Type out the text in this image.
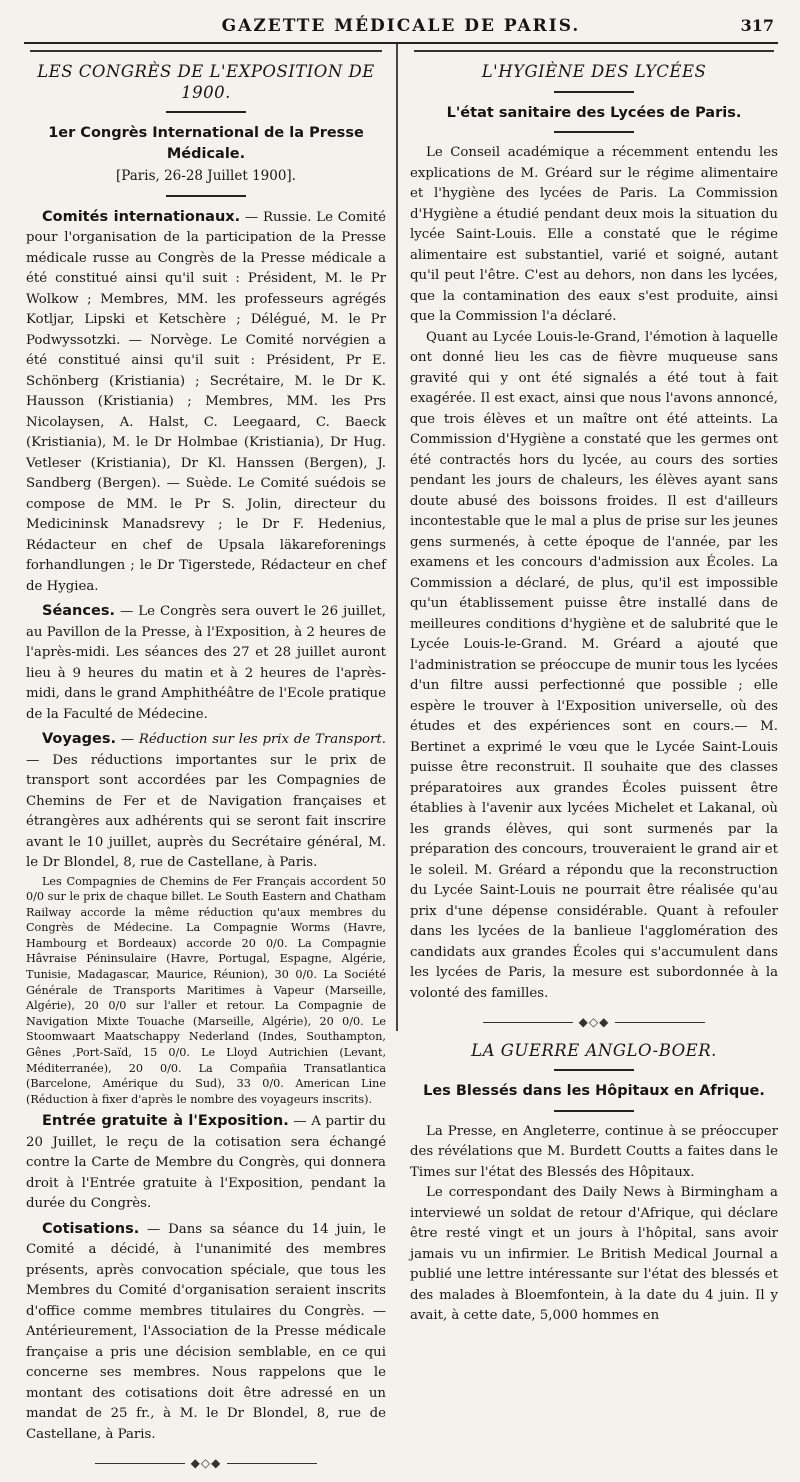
GAZETTE MÉDICALE DE PARIS.	317
LES CONGRÈS DE L'EXPOSITION DE 1900.
1er Congrès International de la Presse Médicale.
[Paris, 26-28 Juillet 1900].

Comités internationaux. — Russie. Le Comité pour l'organisation de la participation de la Presse médicale russe au Congrès de la Presse médicale a été constitué ainsi qu'il suit : Président, M. le Pr Wolkow ; Membres, MM. les professeurs agrégés Kotljar, Lipski et Ketschère ; Délégué, M. le Pr Podwyssotzki. — Norvège. Le Comité norvégien a été constitué ainsi qu'il suit : Président, Pr E. Schönberg (Kristiania) ; Secrétaire, M. le Dr K. Hausson (Kristiania) ; Membres, MM. les Prs Nicolaysen, A. Halst, C. Leegaard, C. Baeck (Kristiania), M. le Dr Holmbae (Kristiania), Dr Hug. Vetleser (Kristiania), Dr Kl. Hanssen (Bergen), J. Sandberg (Bergen). — Suède. Le Comité suédois se compose de MM. le Pr S. Jolin, directeur du Medicininsk Manadsrevy ; le Dr F. Hedenius, Rédacteur en chef de Upsala läkareforenings forhandlungen ; le Dr Tigerstede, Rédacteur en chef de Hygiea.

Séances. — Le Congrès sera ouvert le 26 juillet, au Pavillon de la Presse, à l'Exposition, à 2 heures de l'après-midi. Les séances des 27 et 28 juillet auront lieu à 9 heures du matin et à 2 heures de l'après-midi, dans le grand Amphithéâtre de l'Ecole pratique de la Faculté de Médecine.

Voyages. — Réduction sur les prix de Transport. — Des réductions importantes sur le prix de transport sont accordées par les Compagnies de Chemins de Fer et de Navigation françaises et étrangères aux adhérents qui se seront fait inscrire avant le 10 juillet, auprès du Secrétaire général, M. le Dr Blondel, 8, rue de Castellane, à Paris.

Les Compagnies de Chemins de Fer Français accordent 50 0/0 sur le prix de chaque billet. Le South Eastern and Chatham Railway accorde la même réduction qu'aux membres du Congrès de Médecine. La Compagnie Worms (Havre, Hambourg et Bordeaux) accorde 20 0/0. La Compagnie Hâvraise Péninsulaire (Havre, Portugal, Espagne, Algérie, Tunisie, Madagascar, Maurice, Réunion), 30 0/0. La Société Générale de Transports Maritimes à Vapeur (Marseille, Algérie), 20 0/0 sur l'aller et retour. La Compagnie de Navigation Mixte Touache (Marseille, Algérie), 20 0/0. Le Stoomwaart Maatschappy Nederland (Indes, Southampton, Gênes ,Port-Saïd, 15 0/0. Le Lloyd Autrichien (Levant, Méditerranée), 20 0/0. La Compañia Transatlantica (Barcelone, Amérique du Sud), 33 0/0. American Line (Réduction à fixer d'après le nombre des voyageurs inscrits).

Entrée gratuite à l'Exposition. — A partir du 20 Juillet, le reçu de la cotisation sera échangé contre la Carte de Membre du Congrès, qui donnera droit à l'Entrée gratuite à l'Exposition, pendant la durée du Congrès.

Cotisations. — Dans sa séance du 14 juin, le Comité a décidé, à l'unanimité des membres présents, après convocation spéciale, que tous les Membres du Comité d'organisation seraient inscrits d'office comme membres titulaires du Congrès. — Antérieurement, l'Association de la Presse médicale française a pris une décision semblable, en ce qui concerne ses membres. Nous rappelons que le montant des cotisations doit être adressé en un mandat de 25 fr., à M. le Dr Blondel, 8, rue de Castellane, à Paris.

◆◇◆
L'HYGIÈNE DES LYCÉES
L'état sanitaire des Lycées de Paris.

Le Conseil académique a récemment entendu les explications de M. Gréard sur le régime alimentaire et l'hygiène des lycées de Paris. La Commission d'Hygiène a étudié pendant deux mois la situation du lycée Saint-Louis. Elle a constaté que le régime alimentaire est substantiel, varié et soigné, autant qu'il peut l'être. C'est au dehors, non dans les lycées, que la contamination des eaux s'est produite, ainsi que la Commission l'a déclaré.

Quant au Lycée Louis-le-Grand, l'émotion à laquelle ont donné lieu les cas de fièvre muqueuse sans gravité qui y ont été signalés a été tout à fait exagérée. Il est exact, ainsi que nous l'avons annoncé, que trois élèves et un maître ont été atteints. La Commission d'Hygiène a constaté que les germes ont été contractés hors du lycée, au cours des sorties pendant les jours de chaleurs, les élèves ayant sans doute abusé des boissons froides. Il est d'ailleurs incontestable que le mal a plus de prise sur les jeunes gens surmenés, à cette époque de l'année, par les examens et les concours d'admission aux Écoles. La Commission a déclaré, de plus, qu'il est impossible qu'un établissement puisse être installé dans de meilleures conditions d'hygiène et de salubrité que le Lycée Louis-le-Grand. M. Gréard a ajouté que l'administration se préoccupe de munir tous les lycées d'un filtre aussi perfectionné que possible ; elle espère le trouver à l'Exposition universelle, où des études et des expériences sont en cours.— M. Bertinet a exprimé le vœu que le Lycée Saint-Louis puisse être reconstruit. Il souhaite que des classes préparatoires aux grandes Écoles puissent être établies à l'avenir aux lycées Michelet et Lakanal, où les grands élèves, qui sont surmenés par la préparation des concours, trouveraient le grand air et le soleil. M. Gréard a répondu que la reconstruction du Lycée Saint-Louis ne pourrait être réalisée qu'au prix d'une dépense considérable. Quant à refouler dans les lycées de la banlieue l'agglomération des candidats aux grandes Écoles qui s'accumulent dans les lycées de Paris, la mesure est subordonnée à la volonté des familles.

◆◇◆
LA GUERRE ANGLO-BOER.
Les Blessés dans les Hôpitaux en Afrique.

La Presse, en Angleterre, continue à se préoccuper des révélations que M. Burdett Coutts a faites dans le Times sur l'état des Blessés des Hôpitaux.

Le correspondant des Daily News à Birmingham a interviewé un soldat de retour d'Afrique, qui déclare être resté vingt et un jours à l'hôpital, sans avoir jamais vu un infirmier. Le British Medical Journal a publié une lettre intéressante sur l'état des blessés et des malades à Bloemfontein, à la date du 4 juin. Il y avait, à cette date, 5,000 hommes en
